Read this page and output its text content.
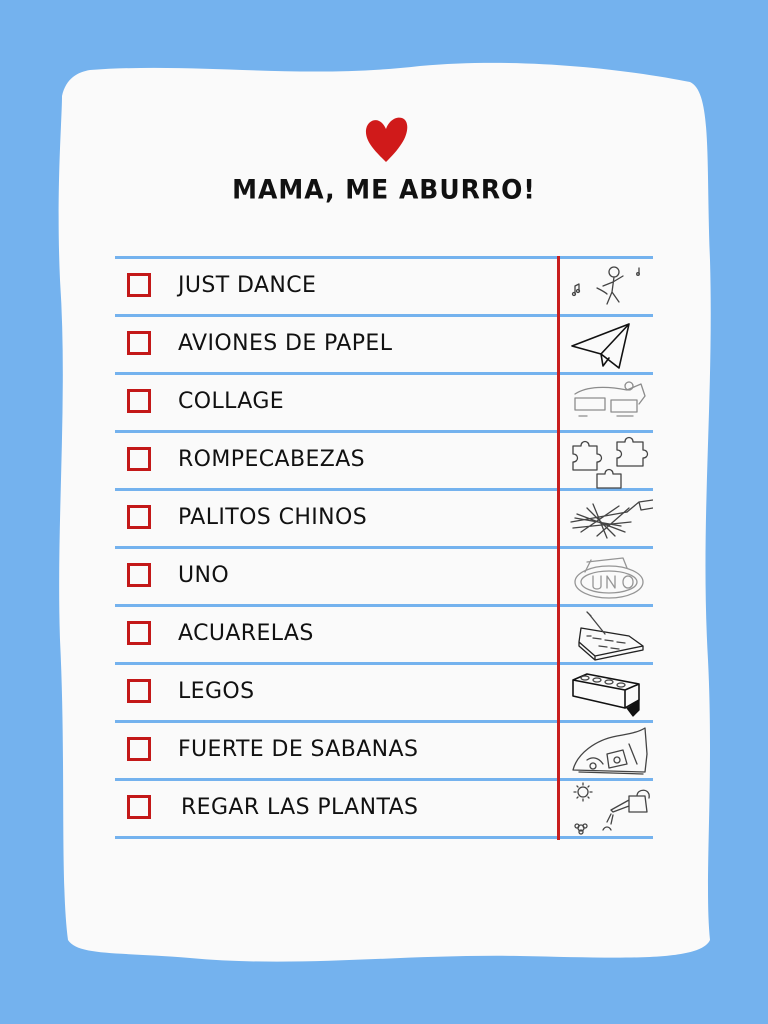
MAMA, ME ABURRO!
JUST DANCE
AVIONES DE PAPEL
COLLAGE
ROMPECABEZAS
PALITOS CHINOS
UNO
ACUARELAS
LEGOS
FUERTE DE SABANAS
REGAR LAS PLANTAS
